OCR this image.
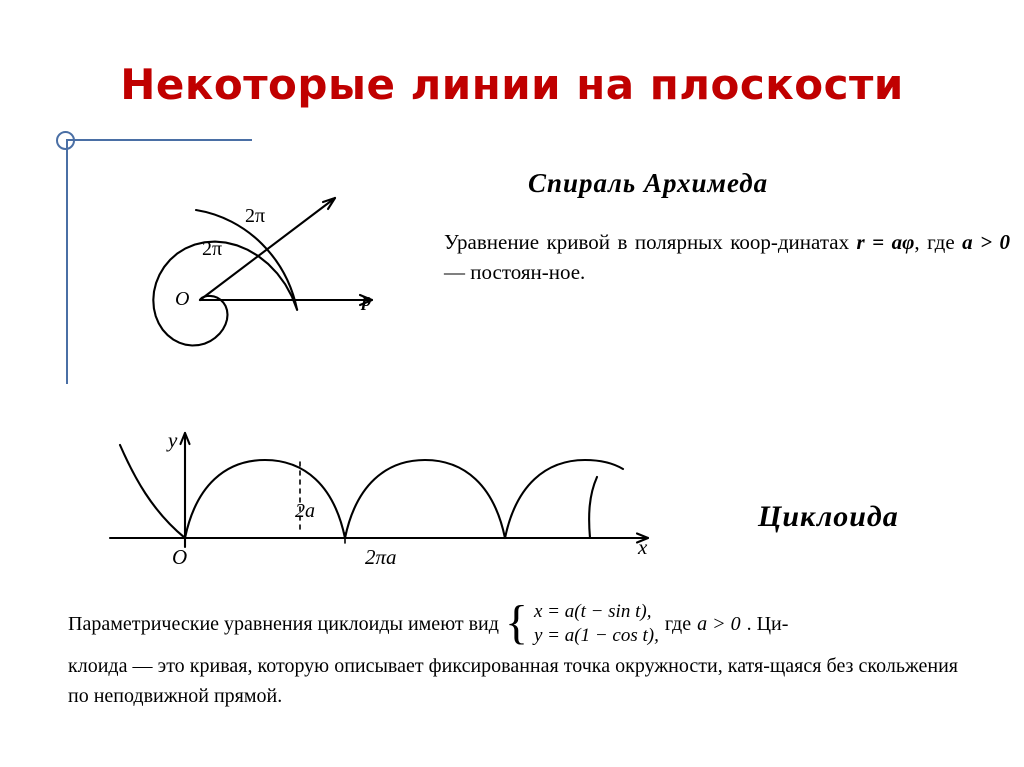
Некоторые линии на плоскости
2π
2π
O	p
Спираль Архимеда
Уравнение кривой в полярных коор-динатах r = aφ, где a > 0 — постоян-ное.
y
x
O
2a
2πa
Циклоида
Параметрические уравнения циклоиды имеют вид { x = a(t − sin t),
y = a(1 − cos t),
где a > 0 . Ци-
клоида — это кривая, которую описывает фиксированная точка окружности, катя-щаяся без скольжения по неподвижной прямой.
